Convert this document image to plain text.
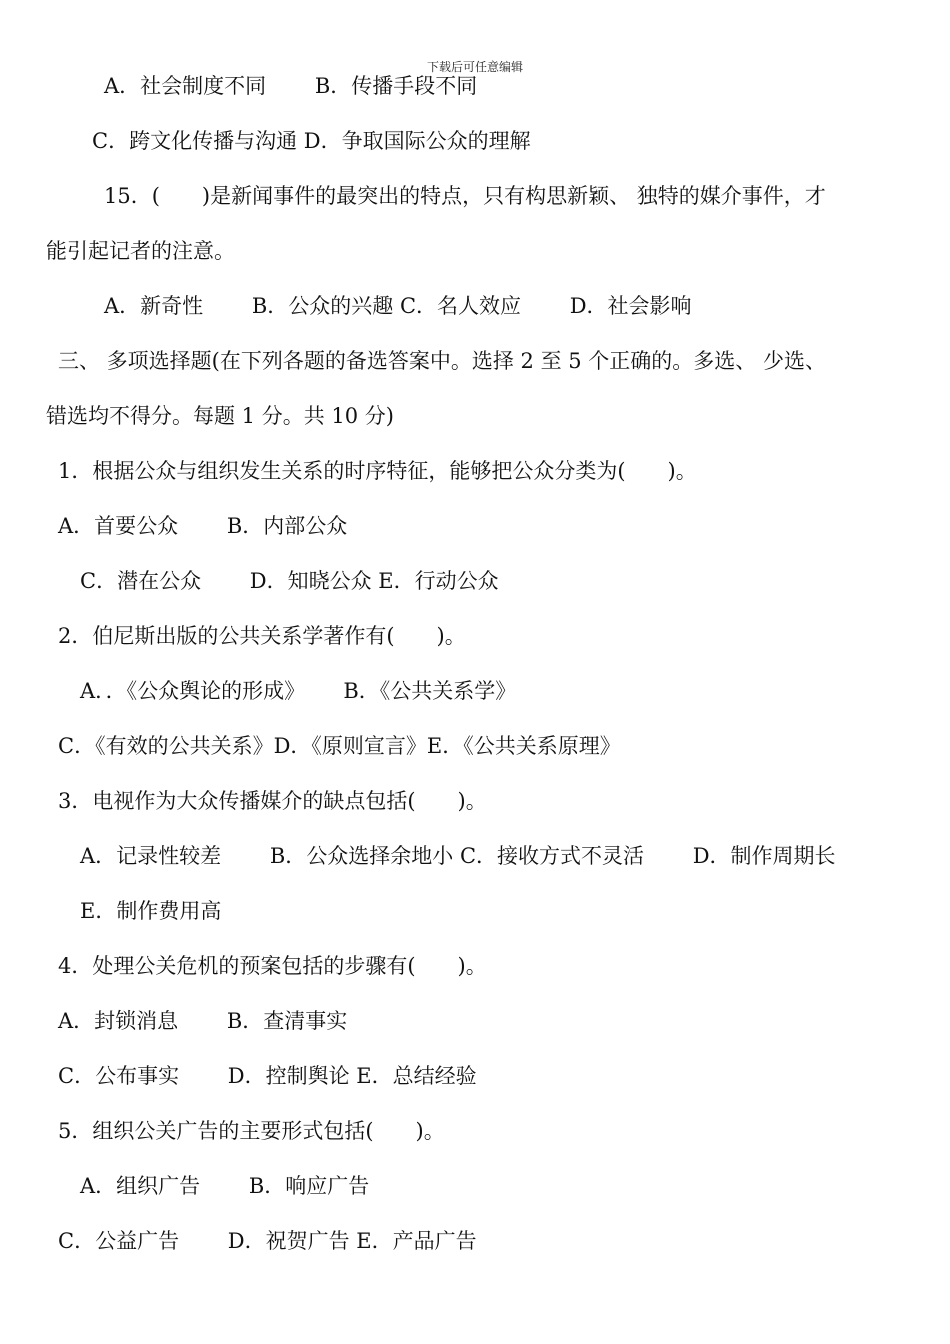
下载后可任意编辑
A．社会制度不同　　 B．传播手段不同
C．跨文化传播与沟通 D．争取国际公众的理解
15．(　　)是新闻事件的最突出的特点，只有构思新颖、 独特的媒介事件，才
能引起记者的注意。
A．新奇性　　 B．公众的兴趣 C．名人效应　　 D．社会影响
三、 多项选择题(在下列各题的备选答案中。选择 2 至 5 个正确的。多选、 少选、
错选均不得分。每题 1 分。共 10 分)
1．根据公众与组织发生关系的时序特征，能够把公众分类为(　　)。
A．首要公众　　 B．内部公众
C．潜在公众　　 D．知晓公众 E．行动公众
2．伯尼斯出版的公共关系学著作有(　　)。
A．．《公众舆论的形成》　　 B．《公共关系学》
C．《有效的公共关系》D．《原则宣言》E．《公共关系原理》
3．电视作为大众传播媒介的缺点包括(　　)。
A．记录性较差　　 B．公众选择余地小 C．接收方式不灵活　　 D．制作周期长
E．制作费用高
4．处理公关危机的预案包括的步骤有(　　)。
A．封锁消息　　 B．查清事实
C．公布事实　　 D．控制舆论 E．总结经验
5．组织公关广告的主要形式包括(　　)。
A．组织广告　　 B．响应广告
C．公益广告　　 D．祝贺广告 E．产品广告
